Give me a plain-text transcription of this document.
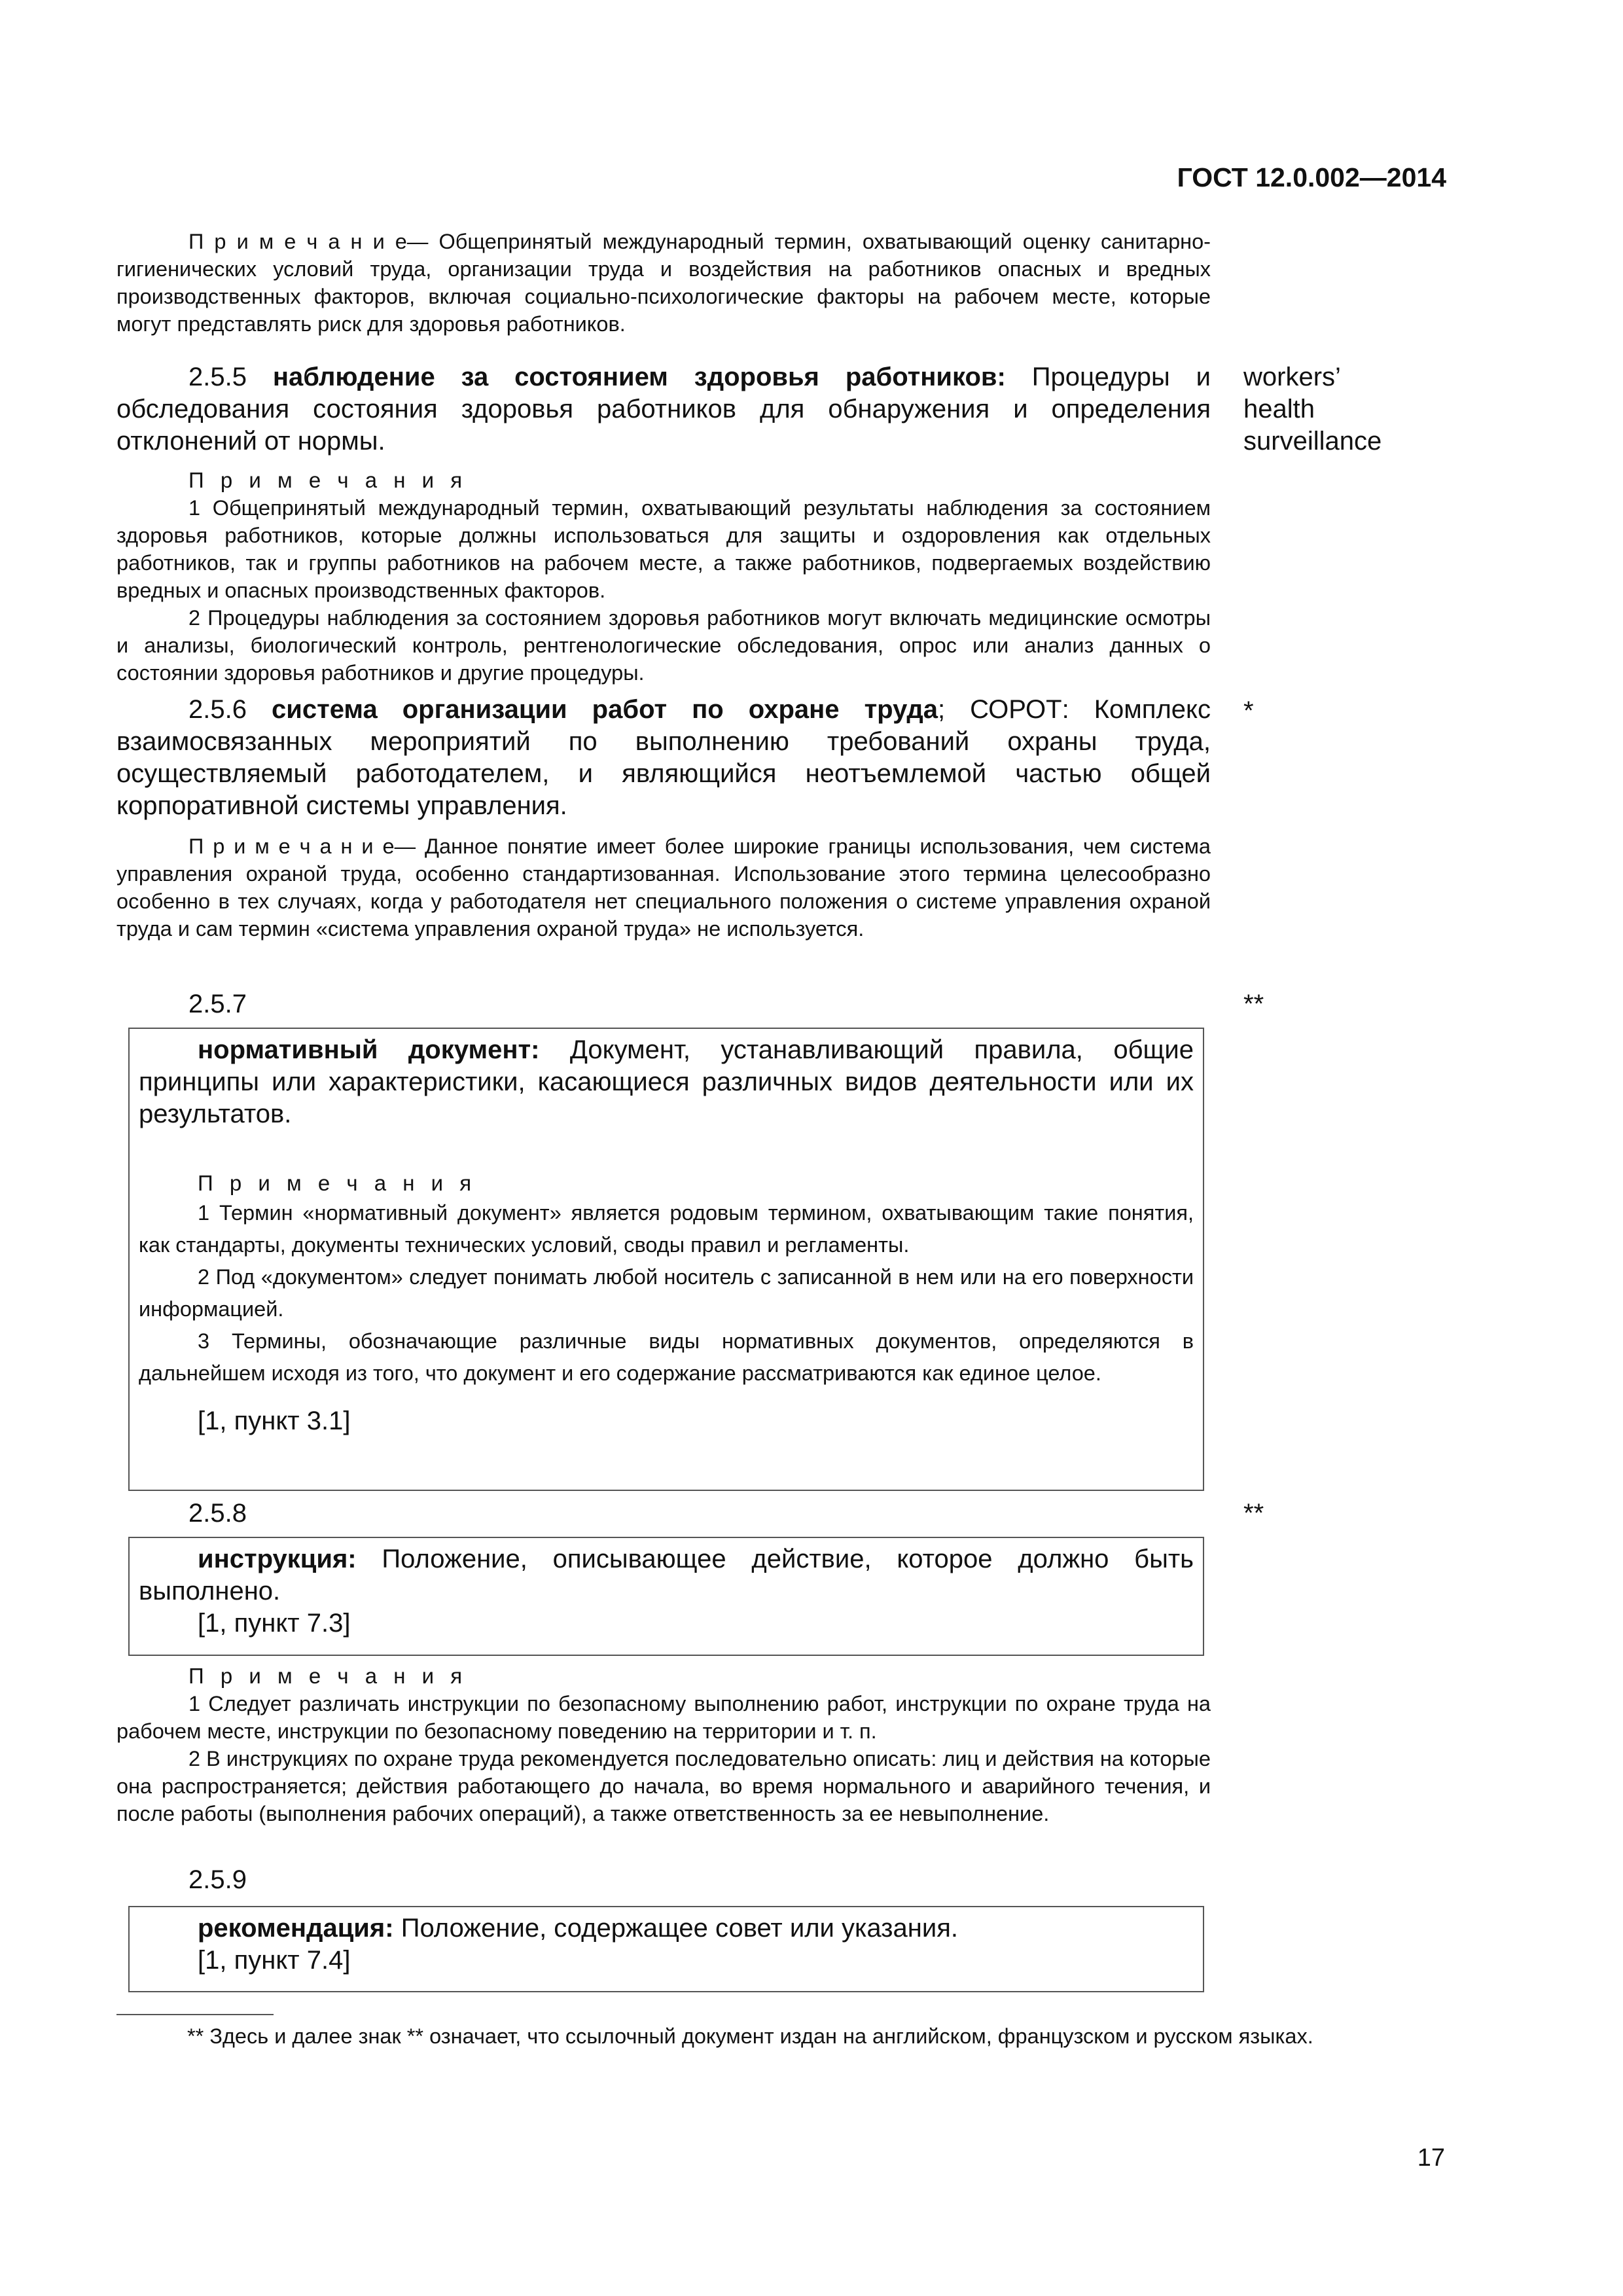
ГОСТ 12.0.002—2014

П р и м е ч а н и е— Общепринятый международный термин, охватывающий оценку санитарно-гигиенических условий труда, организации труда и воздействия на работников опасных и вредных производственных факторов, включая социально-психологические факторы на рабочем месте, которые могут представлять риск для здоровья работников.

2.5.5 наблюдение за состоянием здоровья работников: Процедуры и обследования состояния здоровья работников для обнаружения и определения отклонений от нормы.

П р и м е ч а н и я

1 Общепринятый международный термин, охватывающий результаты наблюдения за состоянием здоровья работников, которые должны использоваться для защиты и оздоровления как отдельных работников, так и группы работников на рабочем месте, а также работников, подвергаемых воздействию вредных и опасных производственных факторов.

2 Процедуры наблюдения за состоянием здоровья работников могут включать медицинские осмотры и анализы, биологический контроль, рентгенологические обследования, опрос или анализ данных о состоянии здоровья работников и другие процедуры.

workers’ health surveillance

2.5.6 система организации работ по охране труда; СОРОТ: Комплекс взаимосвязанных мероприятий по выполнению требований охраны труда, осуществляемый работодателем, и являющийся неотъемлемой частью общей корпоративной системы управления.

П р и м е ч а н и е— Данное понятие имеет более широкие границы использования, чем система управления охраной труда, особенно стандартизованная. Использование этого термина целесообразно особенно в тех случаях, когда у работодателя нет специального положения о системе управления охраной труда и сам термин «система управления охраной труда» не используется.

*

2.5.7	**

нормативный документ: Документ, устанавливающий правила, общие принципы или характеристики, касающиеся различных видов деятельности или их результатов.

П р и м е ч а н и я

1 Термин «нормативный документ» является родовым термином, охватывающим такие понятия, как стандарты, документы технических условий, своды правил и регламенты.

2 Под «документом» следует понимать любой носитель с записанной в нем или на его поверхности информацией.

3 Термины, обозначающие различные виды нормативных документов, определяются в дальнейшем исходя из того, что документ и его содержание рассматриваются как единое целое.

[1, пункт 3.1]

2.5.8	**

инструкция: Положение, описывающее действие, которое должно быть выполнено.

[1, пункт 7.3]

П р и м е ч а н и я

1 Следует различать инструкции по безопасному выполнению работ, инструкции по охране труда на рабочем месте, инструкции по безопасному поведению на территории и т. п.

2 В инструкциях по охране труда рекомендуется последовательно описать: лиц и действия на которые она распространяется; действия работающего до начала, во время нормального и аварийного течения, и после работы (выполнения рабочих операций), а также ответственность за ее невыполнение.

2.5.9

рекомендация: Положение, содержащее совет или указания.

[1, пункт 7.4]

** Здесь и далее знак ** означает, что ссылочный документ издан на английском, французском и русском языках.
17
